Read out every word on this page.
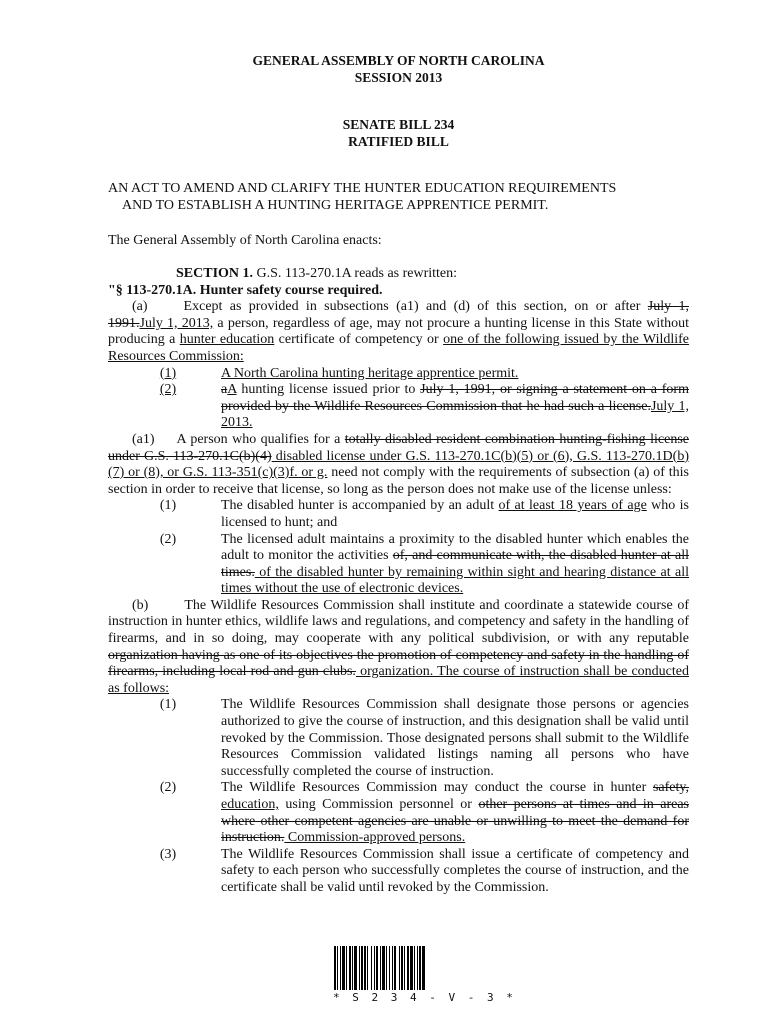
GENERAL ASSEMBLY OF NORTH CAROLINA
SESSION 2013
SENATE BILL 234
RATIFIED BILL
AN ACT TO AMEND AND CLARIFY THE HUNTER EDUCATION REQUIREMENTS
AND TO ESTABLISH A HUNTING HERITAGE APPRENTICE PERMIT.
The General Assembly of North Carolina enacts:

SECTION 1. G.S. 113-270.1A reads as rewritten:

"§ 113-270.1A. Hunter safety course required.

(a)	Except as provided in subsections (a1) and (d) of this section, on or after July 1, 1991.July 1, 2013, a person, regardless of age, may not procure a hunting license in this State without producing a hunter education certificate of competency or one of the following issued by the Wildlife Resources Commission:

(1)	A North Carolina hunting heritage apprentice permit.
(2)	aA hunting license issued prior to July 1, 1991, or signing a statement on a form provided by the Wildlife Resources Commission that he had such a license.July 1, 2013.

(a1) A person who qualifies for a totally disabled resident combination hunting-fishing license under G.S. 113-270.1C(b)(4) disabled license under G.S. 113-270.1C(b)(5) or (6), G.S. 113-270.1D(b)(7) or (8), or G.S. 113-351(c)(3)f. or g. need not comply with the requirements of subsection (a) of this section in order to receive that license, so long as the person does not make use of the license unless:

(1)	The disabled hunter is accompanied by an adult of at least 18 years of age who is licensed to hunt; and
(2)	The licensed adult maintains a proximity to the disabled hunter which enables the adult to monitor the activities of, and communicate with, the disabled hunter at all times. of the disabled hunter by remaining within sight and hearing distance at all times without the use of electronic devices.

(b)	The Wildlife Resources Commission shall institute and coordinate a statewide course of instruction in hunter ethics, wildlife laws and regulations, and competency and safety in the handling of firearms, and in so doing, may cooperate with any political subdivision, or with any reputable organization having as one of its objectives the promotion of competency and safety in the handling of firearms, including local rod and gun clubs. organization. The course of instruction shall be conducted as follows:

(1)	The Wildlife Resources Commission shall designate those persons or agencies authorized to give the course of instruction, and this designation shall be valid until revoked by the Commission. Those designated persons shall submit to the Wildlife Resources Commission validated listings naming all persons who have successfully completed the course of instruction.
(2)	The Wildlife Resources Commission may conduct the course in hunter safety, education, using Commission personnel or other persons at times and in areas where other competent agencies are unable or unwilling to meet the demand for instruction. Commission-approved persons.
(3)	The Wildlife Resources Commission shall issue a certificate of competency and safety to each person who successfully completes the course of instruction, and the certificate shall be valid until revoked by the Commission.
* S 2 3 4 - V - 3 *
